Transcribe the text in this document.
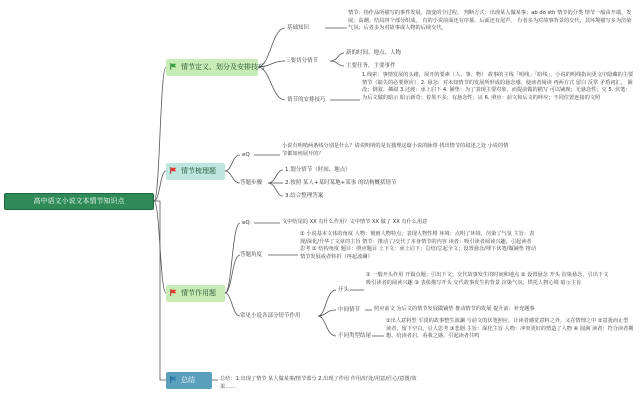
高中语文小说文本情节知识点
情节定义、划分及安排技巧
基础知识
情节：指作品所描写的事件发展、演变的全过程。 判断方式：出现某人做某事；ab do sth 情节的分类 情节一般由开端、发展、高潮、结局四个部分组成。 有的小说前面还有序幕，后面还有尾声。 有者多为对故事背景的交代，其环境描写多为渲染气氛；后者多为对故事或人物的后续交代。
三要切分情节
新的时间、地点、人物
主要任务，主要事件
情节的安排技巧
1.线索：事情发展的头绪，展开的要素（人、事、物） 故事的主线「明线」「暗线」，小说的明线指向更文中隐藏的主要情节（缺失的必要照应） 2. 悬念：对未知情节的发展所形成的悬念感，使读者阅读 再两方式 留白 反常 矛盾词汇。 铺没；倒叙、插叙 3.过渡：承上启下 4. 铺垫：为了表现主要对象，而提前做的描写 可以铺现；无悬念性；交 5. 伏笔：为后文做的暗示 暗示新奇；着墨不多；有悬念性；证 6. 照应：前文和后文的呼应；不同位置连接的文照
情节梳理题
eQ
小说有明哨两条线分别是什么？请说明明的是有独理这篇小说的脉络 找出情节的叙述之处 小说的情节都如何展开的？
答题步骤
1.划分情节（时间、地点）
2.按照 某人+某时某地+某事 的结构概括情节
3.结合整理答案
情节作用题
eQ	文中结尾的 XX 有什么作用？文中情节 XX 做了 XX 有什么用意
答题角度
① 小说基本文体的角度 人物：刻画人物特点；表现人物性格 环境：点明了环境，渲染了气氛 主旨：表现/深化/升华了文章的主旨 情节：推动了/交代了本身情节的内容 读者：吸引读者阅读兴趣，引起读者思考 ② 结构角度 题目：照应题目 上下文：承上启下；总结/总起全文；设置悬念/埋下伏笔/做铺垫 推动情节发展或者转折（再起波澜）
常见小说各部分情节作用
开头
① 一般开头作用 开篇点题；引出下文；交代故事发生的时间和地点 ② 设置悬念 开头 渲染悬念，引出下文 吸引读者的阅读兴趣 ③ 表彰描写开头 交代故事发生的背景 渲染气氛；烘托人物心境 暗示主旨
中间情节	照应前文 为后文的情节发展做铺垫 推动情节的发展 提升前：补充题事
不同类型结尾
①出人意料型 平淡的故事整生波澜 与前文的伏笔照应，让读者感觉意料之外，又在情理之中 ②意犹而止型 读者，留下空白，引人思考 ③悲剧 主旨：深化主旨 人物：冲突更好的塑造了人物 ④ 圆满 读者：符合读者期想，给读者启，看我之感，引起读者共鸣
总结	总结：1.出现了情节 某人做某事/情节部分 2.出现了作用 作用/好处/用意/匠心/意图/效果……
